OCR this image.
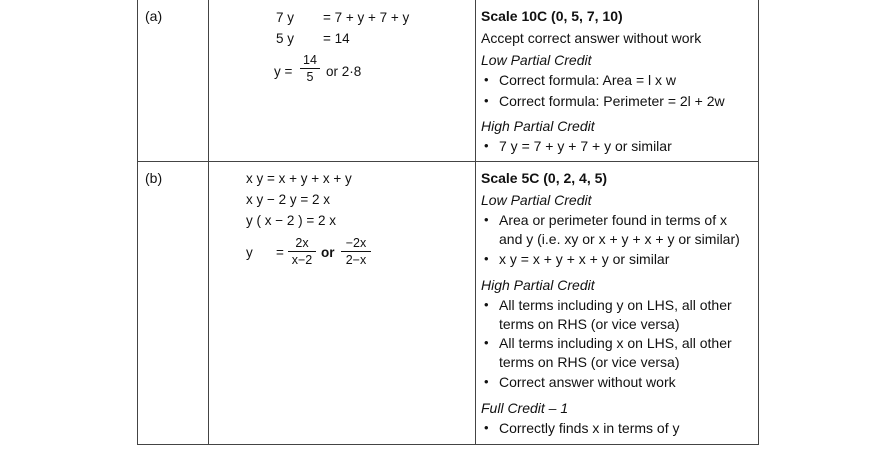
(a)	7 y = 7 + y + 7 + y
5 y = 14
y =
14
5 or 2·8
Scale 10C (0, 5, 7, 10)
Accept correct answer without work
Low Partial Credit
• Correct formula: Area = l x w
• Correct formula: Perimeter = 2l + 2w
High Partial Credit
• 7 y = 7 + y + 7 + y or similar
(b)	x y = x + y + x + y
x y − 2 y = 2 x
y ( x − 2 ) = 2 x
y =
2x
x−2 or
−2x
2−x
Scale 5C (0, 2, 4, 5)
Low Partial Credit
• Area or perimeter found in terms of x
and y (i.e. xy or x + y + x + y or similar)
• x y = x + y + x + y or similar
High Partial Credit
• All terms including y on LHS, all other
terms on RHS (or vice versa)
• All terms including x on LHS, all other
terms on RHS (or vice versa)
• Correct answer without work
Full Credit – 1
• Correctly finds x in terms of y
